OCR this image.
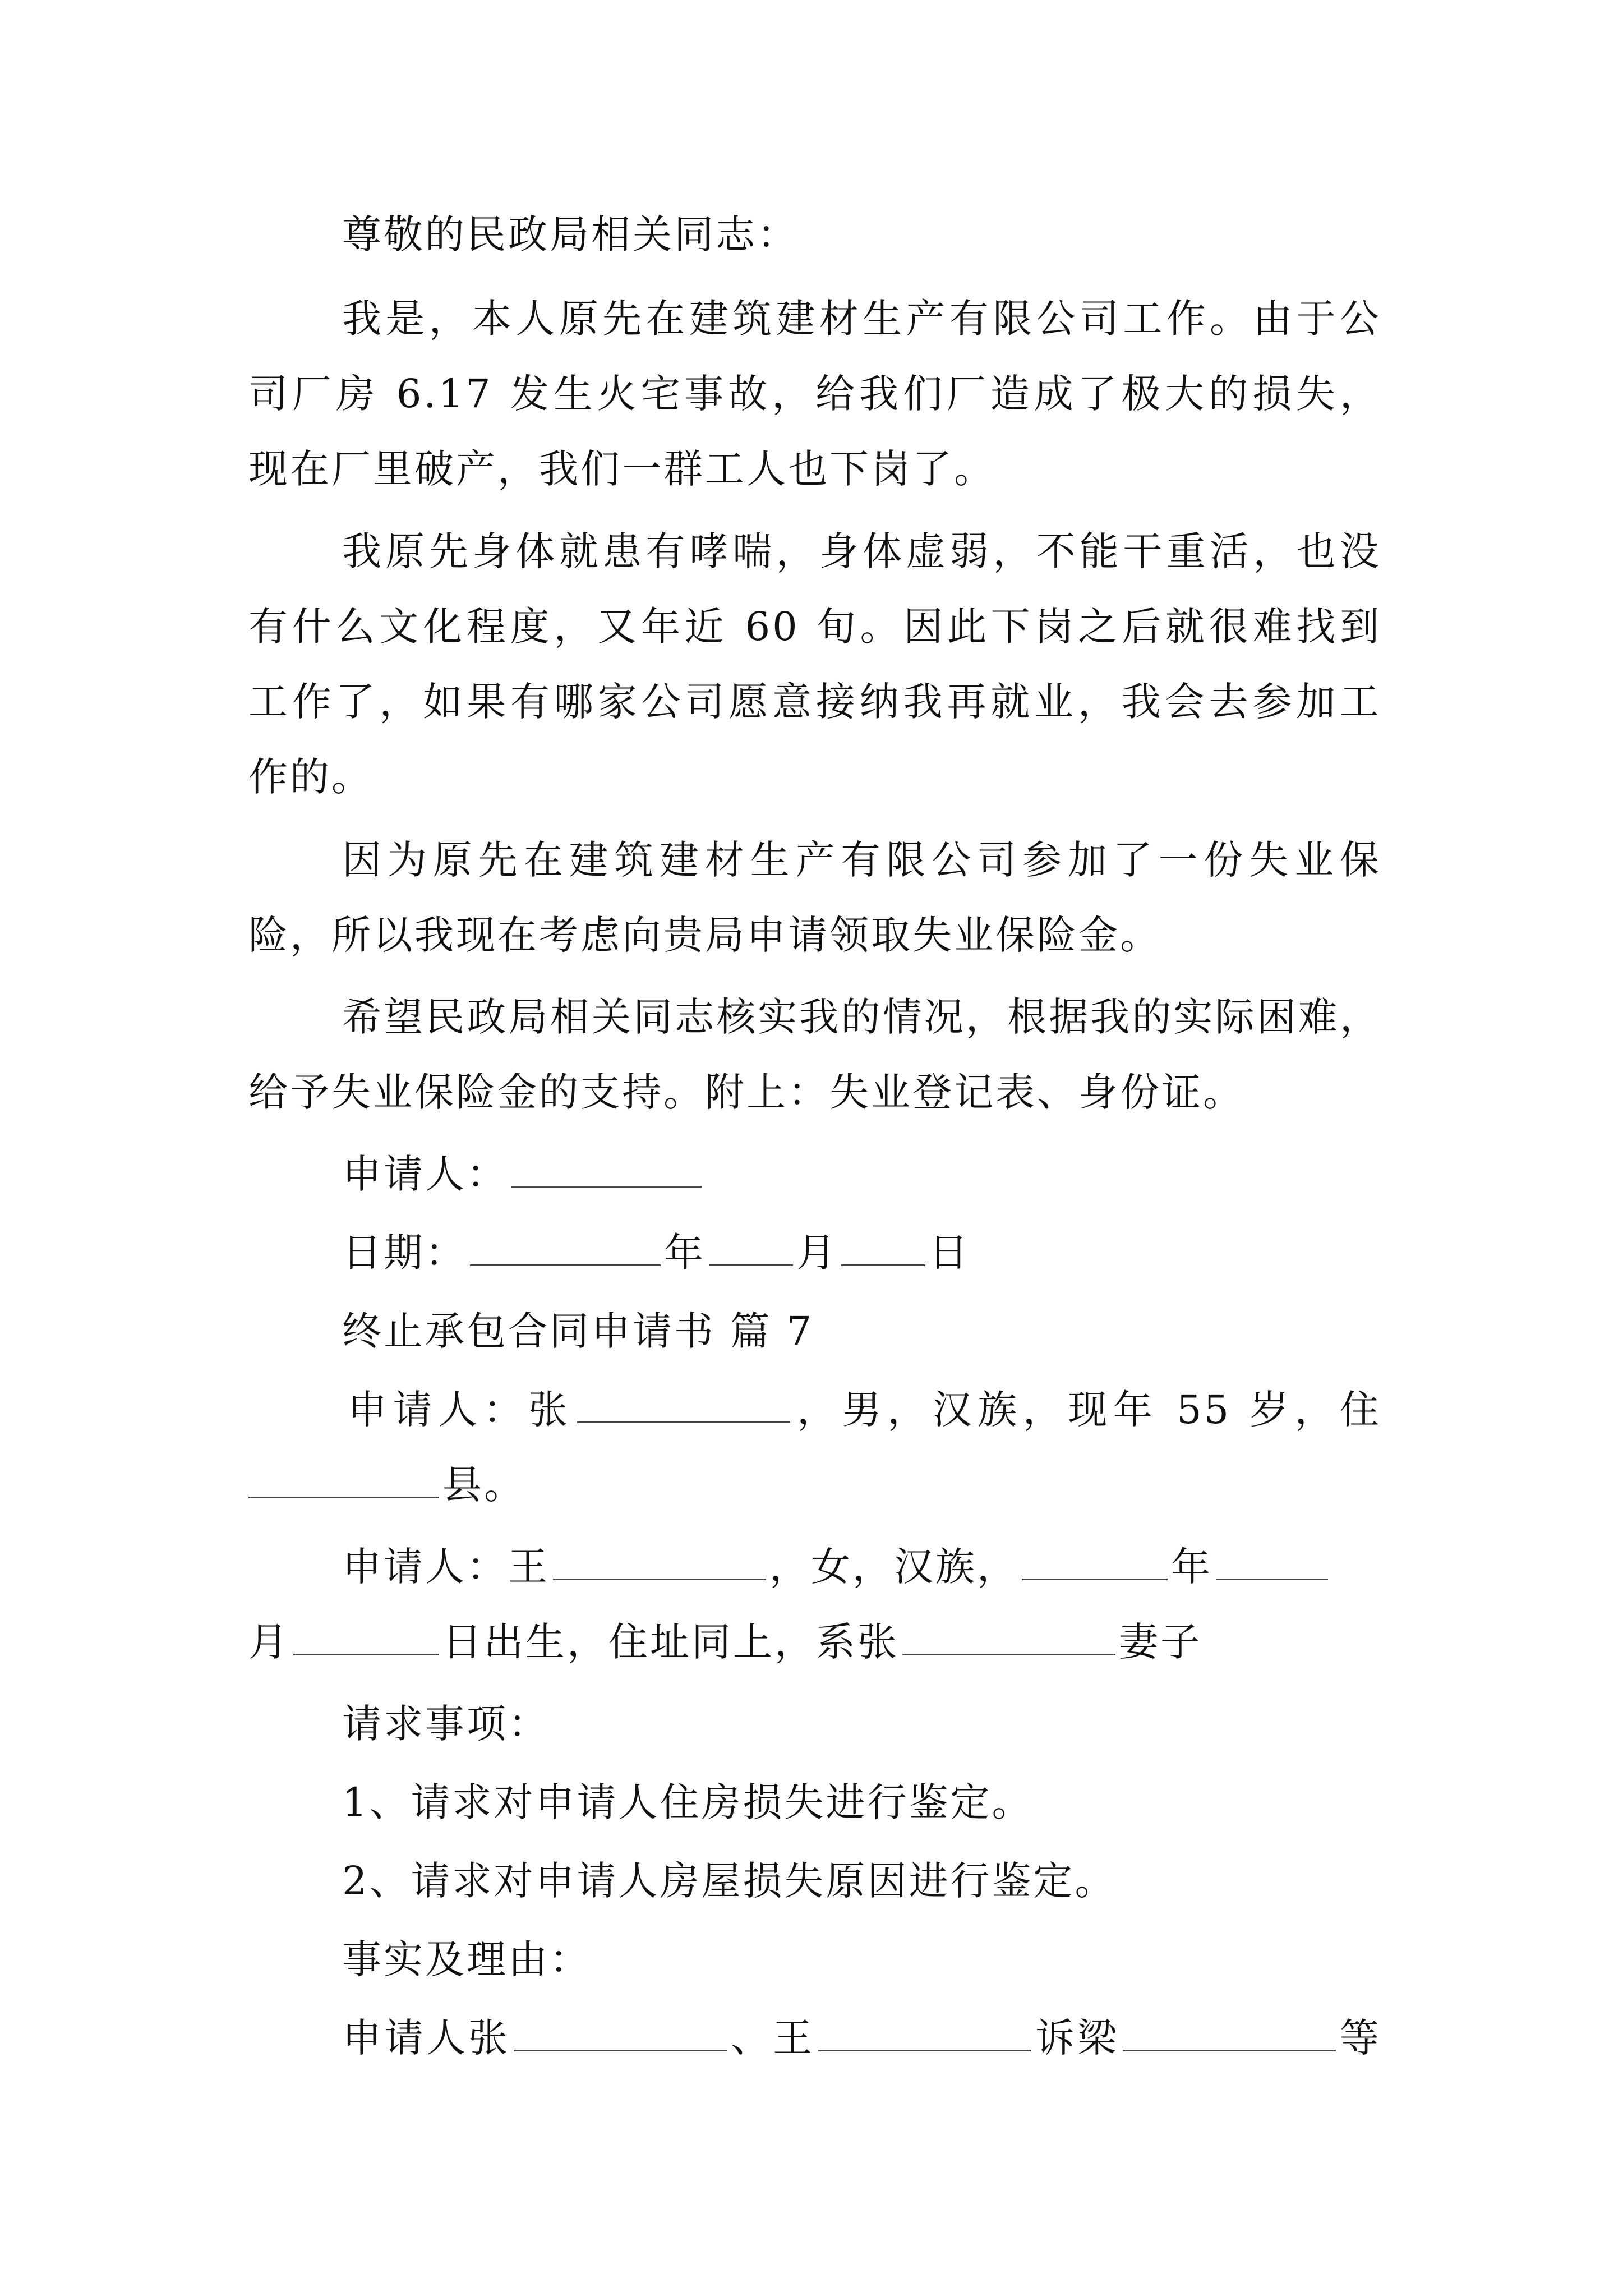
尊敬的民政局相关同志：
我是，本人原先在建筑建材生产有限公司工作。由于公
司厂房 6.17 发生火宅事故，给我们厂造成了极大的损失，
现在厂里破产，我们一群工人也下岗了。
我原先身体就患有哮喘，身体虚弱，不能干重活，也没
有什么文化程度，又年近 60 旬。因此下岗之后就很难找到
工作了，如果有哪家公司愿意接纳我再就业，我会去参加工
作的。
因为原先在建筑建材生产有限公司参加了一份失业保
险，所以我现在考虑向贵局申请领取失业保险金。
希望民政局相关同志核实我的情况，根据我的实际困难，
给予失业保险金的支持。附上：失业登记表、身份证。
申请人：
日期：	年 月 日
终止承包合同申请书 篇 7
申请人：张	，男，汉族，现年 55 岁，住
县。
申请人：王	，女，汉族，	年
月	日出生，住址同上，系张	妻子
请求事项：
1、请求对申请人住房损失进行鉴定。
2、请求对申请人房屋损失原因进行鉴定。
事实及理由：
申请人张	、王	诉梁	等
